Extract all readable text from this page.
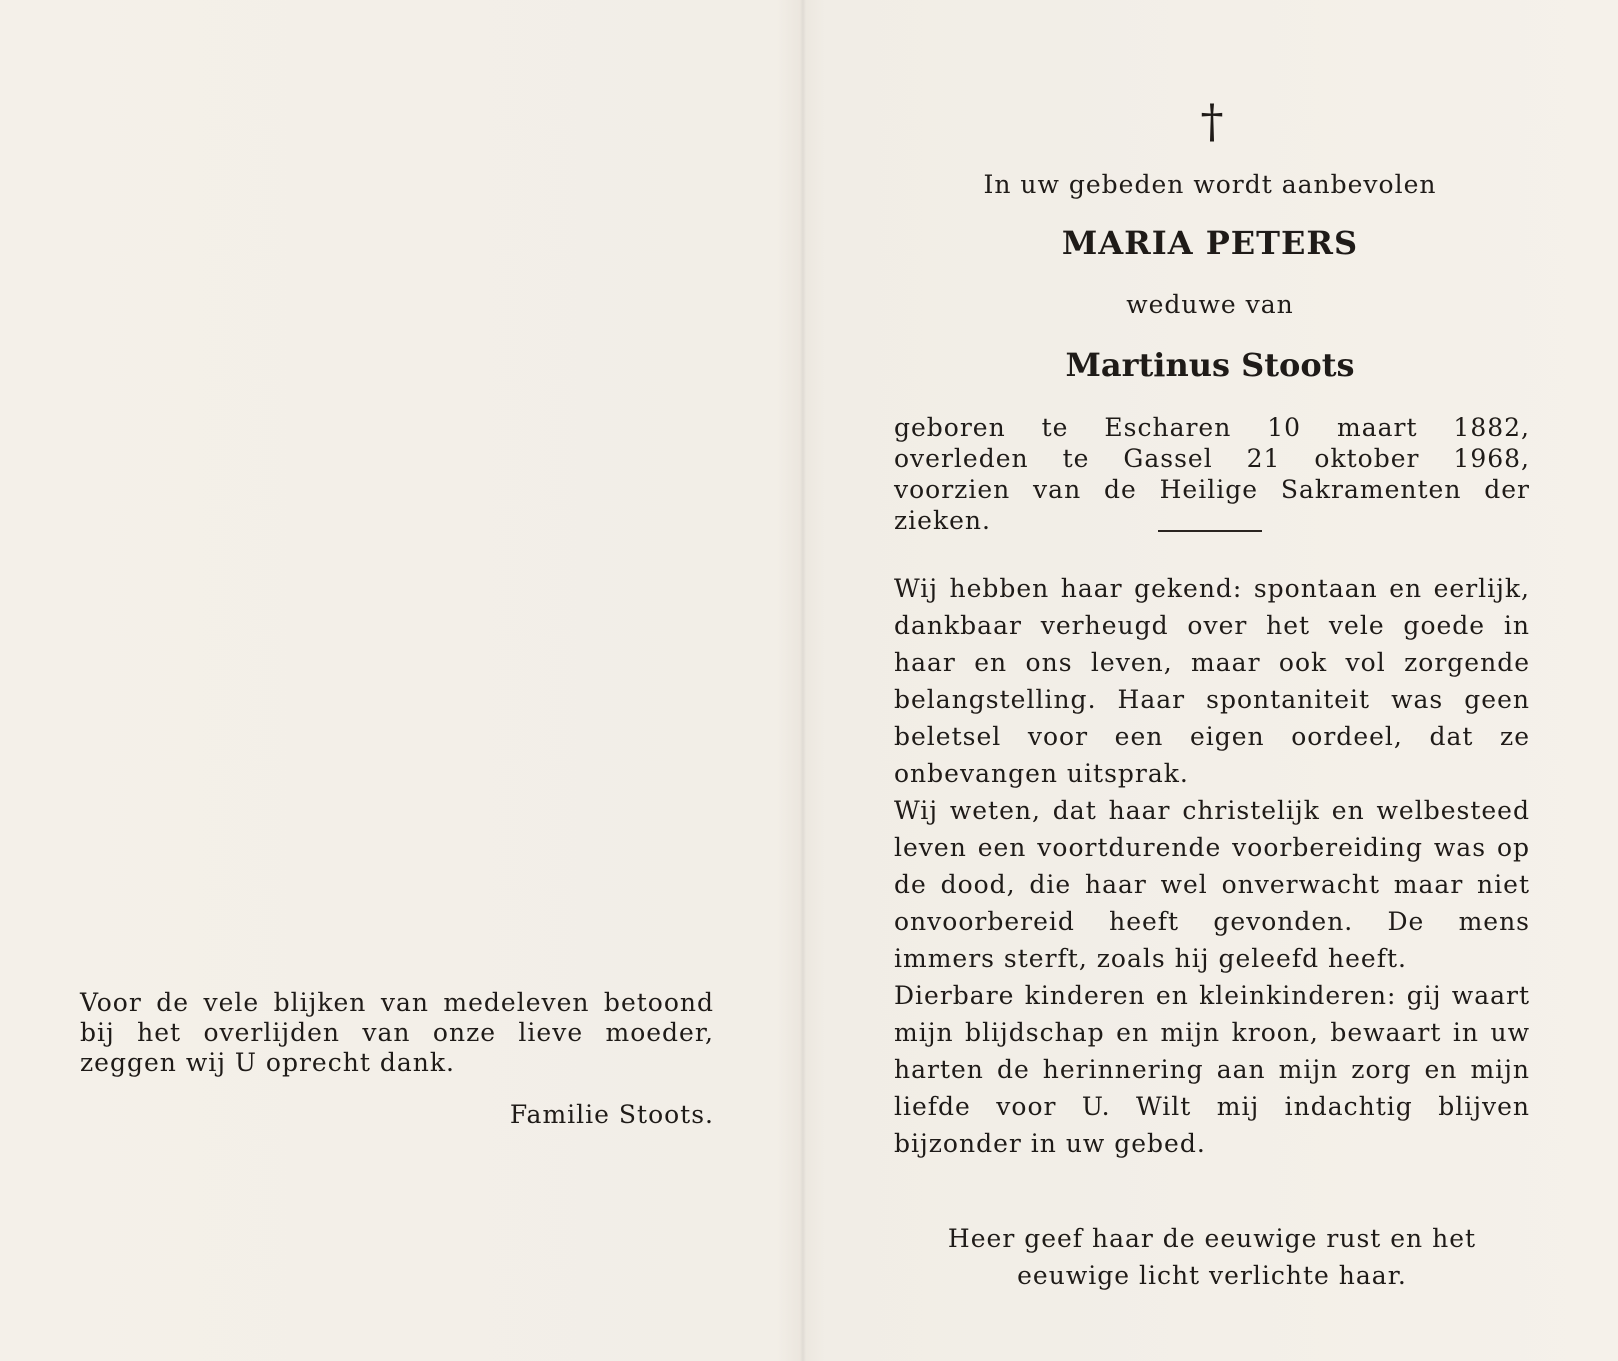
Voor de vele blijken van medeleven betoond bij het overlijden van onze lieve moeder, zeggen wij U oprecht dank.

Familie Stoots.
†
In uw gebeden wordt aanbevolen
MARIA PETERS
weduwe van
Martinus Stoots
geboren te Escharen 10 maart 1882, overleden te Gassel 21 oktober 1968, voorzien van de Heilige Sakramenten der zieken.

Wij hebben haar gekend: spontaan en eerlijk, dankbaar verheugd over het vele goede in haar en ons leven, maar ook vol zorgende belangstelling. Haar spontaniteit was geen beletsel voor een eigen oordeel, dat ze onbevangen uitsprak.

Wij weten, dat haar christelijk en welbesteed leven een voortdurende voorbereiding was op de dood, die haar wel onverwacht maar niet onvoorbereid heeft gevonden. De mens immers sterft, zoals hij geleefd heeft.

Dierbare kinderen en kleinkinderen: gij waart mijn blijdschap en mijn kroon, bewaart in uw harten de herinnering aan mijn zorg en mijn liefde voor U. Wilt mij indachtig blijven bijzonder in uw gebed.

Heer geef haar de eeuwige rust en het eeuwige licht verlichte haar.
